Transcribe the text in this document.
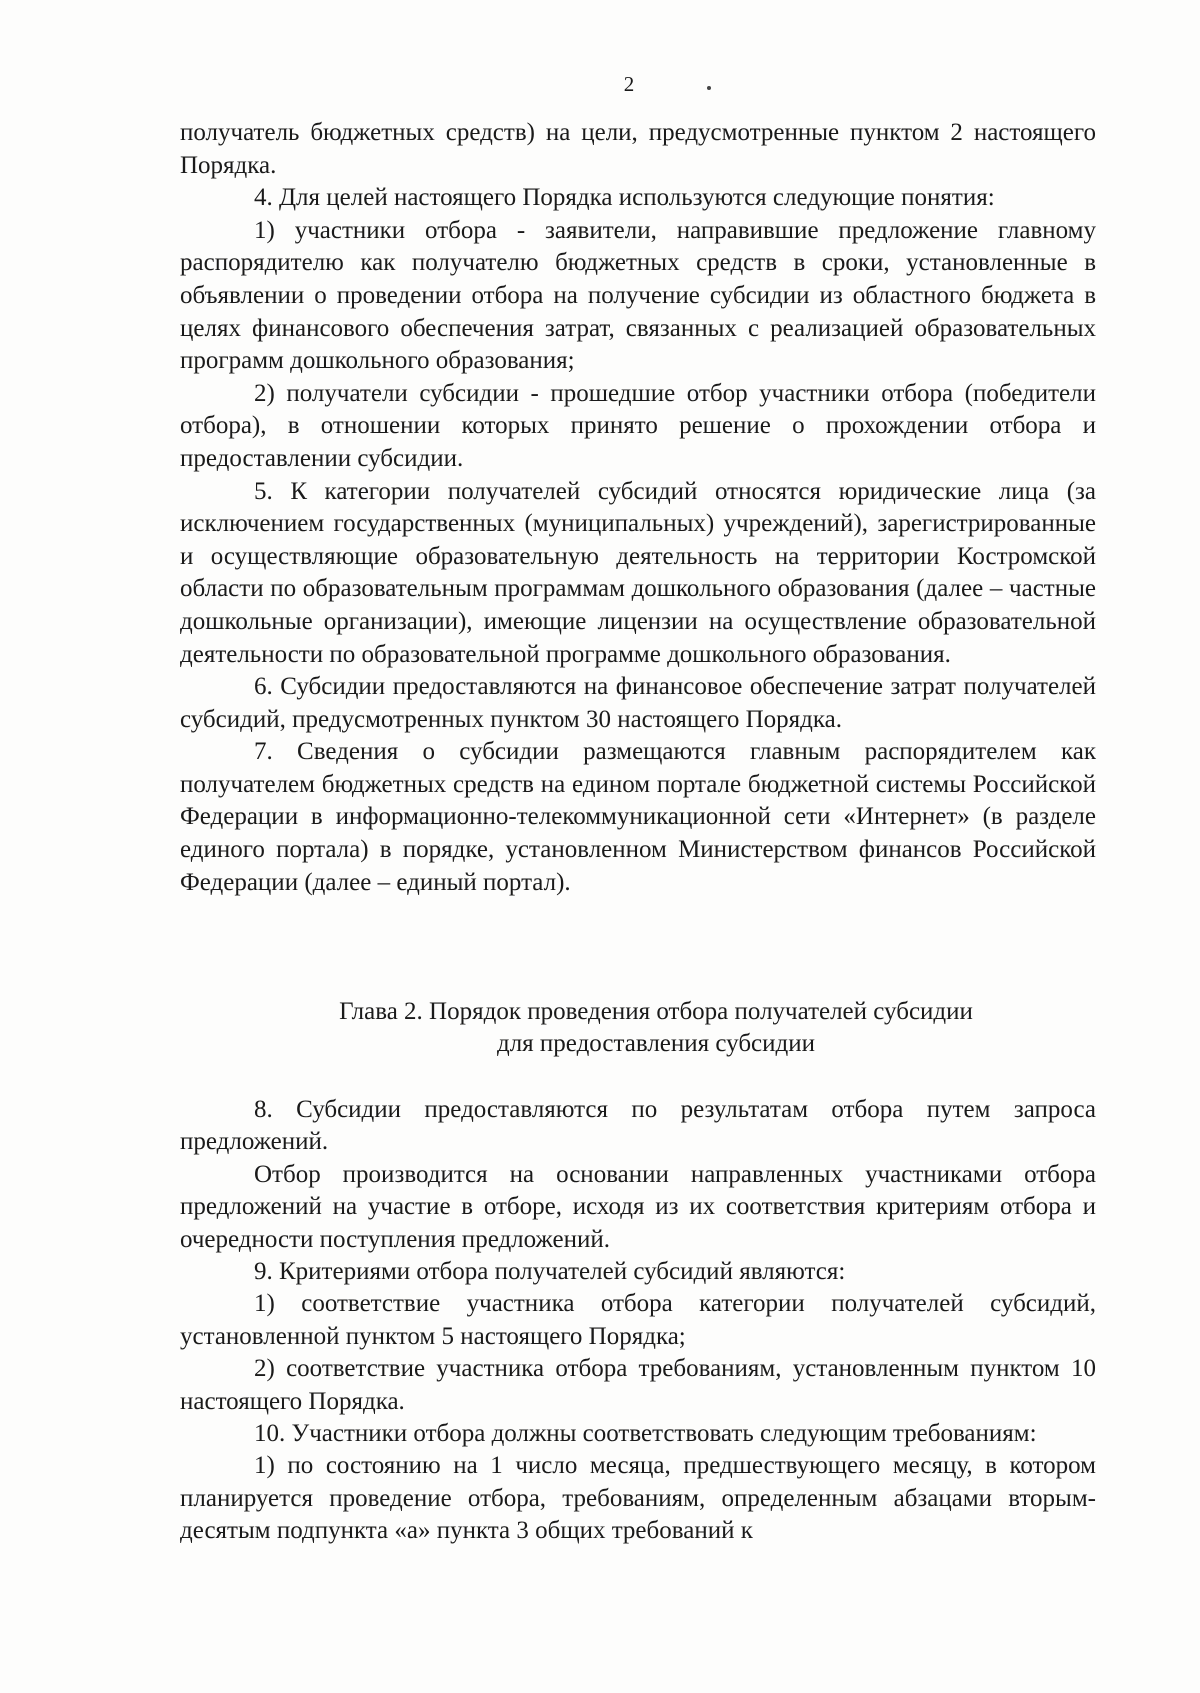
2

получатель бюджетных средств) на цели, предусмотренные пунктом 2 настоящего Порядка.

4. Для целей настоящего Порядка используются следующие понятия:

1) участники отбора - заявители, направившие предложение главному распорядителю как получателю бюджетных средств в сроки, установленные в объявлении о проведении отбора на получение субсидии из областного бюджета в целях финансового обеспечения затрат, связанных с реализацией образовательных программ дошкольного образования;

2) получатели субсидии - прошедшие отбор участники отбора (победители отбора), в отношении которых принято решение о прохождении отбора и предоставлении субсидии.

5. К категории получателей субсидий относятся юридические лица (за исключением государственных (муниципальных) учреждений), зарегистрированные и осуществляющие образовательную деятельность на территории Костромской области по образовательным программам дошкольного образования (далее – частные дошкольные организации), имеющие лицензии на осуществление образовательной деятельности по образовательной программе дошкольного образования.

6. Субсидии предоставляются на финансовое обеспечение затрат получателей субсидий, предусмотренных пунктом 30 настоящего Порядка.

7. Сведения о субсидии размещаются главным распорядителем как получателем бюджетных средств на едином портале бюджетной системы Российской Федерации в информационно-телекоммуникационной сети «Интернет» (в разделе единого портала) в порядке, установленном Министерством финансов Российской Федерации (далее – единый портал).

Глава 2. Порядок проведения отбора получателей субсидии
для предоставления субсидии

8. Субсидии предоставляются по результатам отбора путем запроса предложений.

Отбор производится на основании направленных участниками отбора предложений на участие в отборе, исходя из их соответствия критериям отбора и очередности поступления предложений.

9. Критериями отбора получателей субсидий являются:

1) соответствие участника отбора категории получателей субсидий, установленной пунктом 5 настоящего Порядка;

2) соответствие участника отбора требованиям, установленным пунктом 10 настоящего Порядка.

10. Участники отбора должны соответствовать следующим требованиям:

1) по состоянию на 1 число месяца, предшествующего месяцу, в котором планируется проведение отбора, требованиям, определенным абзацами вторым-десятым подпункта «а» пункта 3 общих требований к
